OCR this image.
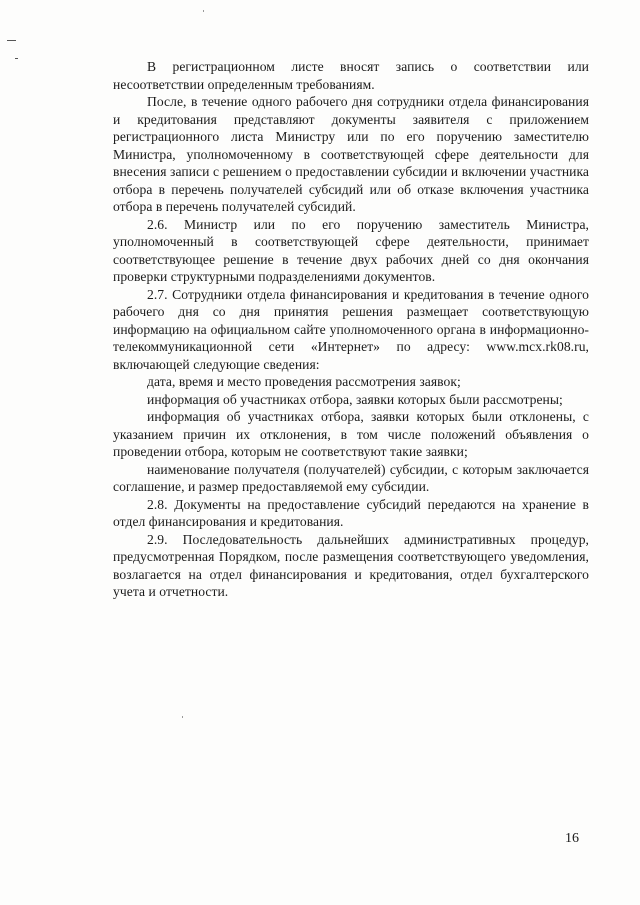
В регистрационном листе вносят запись о соответствии или несоответствии определенным требованиям.

После, в течение одного рабочего дня сотрудники отдела финансирования и кредитования представляют документы заявителя с приложением регистрационного листа Министру или по его поручению заместителю Министра, уполномоченному в соответствующей сфере деятельности для внесения записи с решением о предоставлении субсидии и включении участника отбора в перечень получателей субсидий или об отказе включения участника отбора в перечень получателей субсидий.

2.6. Министр или по его поручению заместитель Министра, уполномоченный в соответствующей сфере деятельности, принимает соответствующее решение в течение двух рабочих дней со дня окончания проверки структурными подразделениями документов.

2.7. Сотрудники отдела финансирования и кредитования в течение одного рабочего дня со дня принятия решения размещает соответствующую информацию на официальном сайте уполномоченного органа в информационно-телекоммуникационной сети «Интернет» по адресу: www.mcx.rk08.ru, включающей следующие сведения:

дата, время и место проведения рассмотрения заявок;

информация об участниках отбора, заявки которых были рассмотрены;

информация об участниках отбора, заявки которых были отклонены, с указанием причин их отклонения, в том числе положений объявления о проведении отбора, которым не соответствуют такие заявки;

наименование получателя (получателей) субсидии, с которым заключается соглашение, и размер предоставляемой ему субсидии.

2.8. Документы на предоставление субсидий передаются на хранение в отдел финансирования и кредитования.

2.9. Последовательность дальнейших административных процедур, предусмотренная Порядком, после размещения соответствующего уведомления, возлагается на отдел финансирования и кредитования, отдел бухгалтерского учета и отчетности.

16
